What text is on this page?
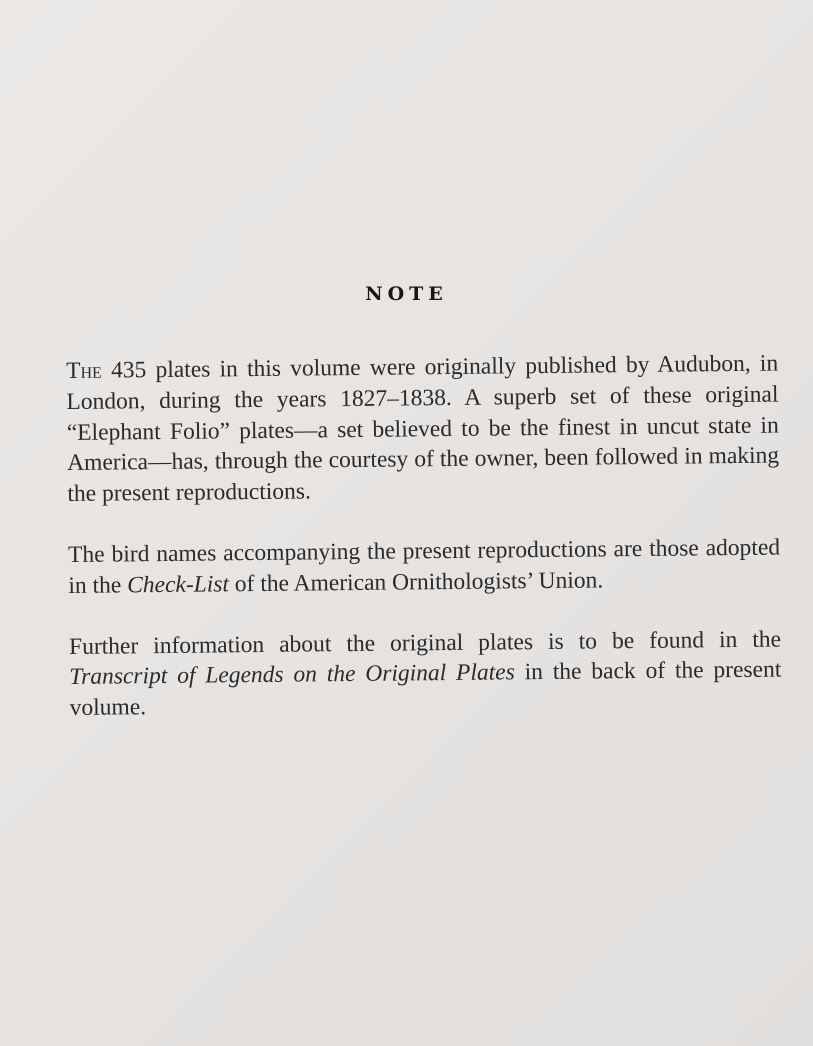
NOTE

The 435 plates in this volume were originally published by Audubon, in London, during the years 1827–1838. A superb set of these original “Elephant Folio” plates—a set believed to be the finest in uncut state in America—has, through the courtesy of the owner, been followed in making the present reproductions.

The bird names accompanying the present reproductions are those adopted in the Check-List of the American Ornithologists’ Union.

Further information about the original plates is to be found in the Transcript of Legends on the Original Plates in the back of the present volume.
